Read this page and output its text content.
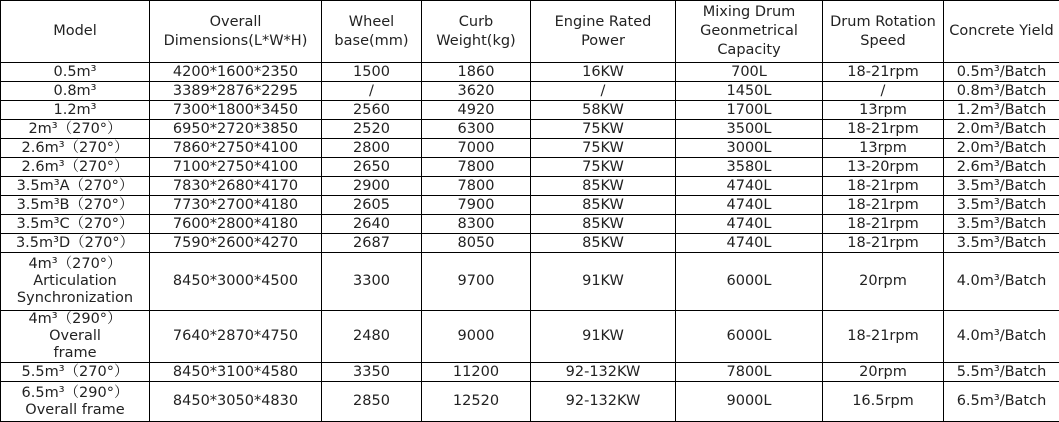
Model	Overall Dimensions(L*W*H)	Wheel base(mm)	Curb Weight(kg)	Engine Rated Power	Mixing Drum Geonmetrical Capacity	Drum Rotation Speed	Concrete Yield

0.5m³	4200*1600*2350	1500	1860	16KW	700L	18-21rpm	0.5m³/Batch

0.8m³	3389*2876*2295	/	3620	/	1450L	/	0.8m³/Batch

1.2m³	7300*1800*3450	2560	4920	58KW	1700L	13rpm	1.2m³/Batch

2m³（270°）	6950*2720*3850	2520	6300	75KW	3500L	18-21rpm	2.0m³/Batch

2.6m³（270°）	7860*2750*4100	2800	7000	75KW	3000L	13rpm	2.0m³/Batch

2.6m³（270°）	7100*2750*4100	2650	7800	75KW	3580L	13-20rpm	2.6m³/Batch

3.5m³A（270°）	7830*2680*4170	2900	7800	85KW	4740L	18-21rpm	3.5m³/Batch

3.5m³B（270°）	7730*2700*4180	2605	7900	85KW	4740L	18-21rpm	3.5m³/Batch

3.5m³C（270°）	7600*2800*4180	2640	8300	85KW	4740L	18-21rpm	3.5m³/Batch

3.5m³D（270°）	7590*2600*4270	2687	8050	85KW	4740L	18-21rpm	3.5m³/Batch

4m³（270°）
Articulation
Synchronization	8450*3000*4500	3300	9700	91KW	6000L	20rpm	4.0m³/Batch

4m³（290°）Overall
frame	7640*2870*4750	2480	9000	91KW	6000L	18-21rpm	4.0m³/Batch

5.5m³（270°）	8450*3100*4580	3350	11200	92-132KW	7800L	20rpm	5.5m³/Batch

6.5m³（290°）
Overall frame	8450*3050*4830	2850	12520	92-132KW	9000L	16.5rpm	6.5m³/Batch
